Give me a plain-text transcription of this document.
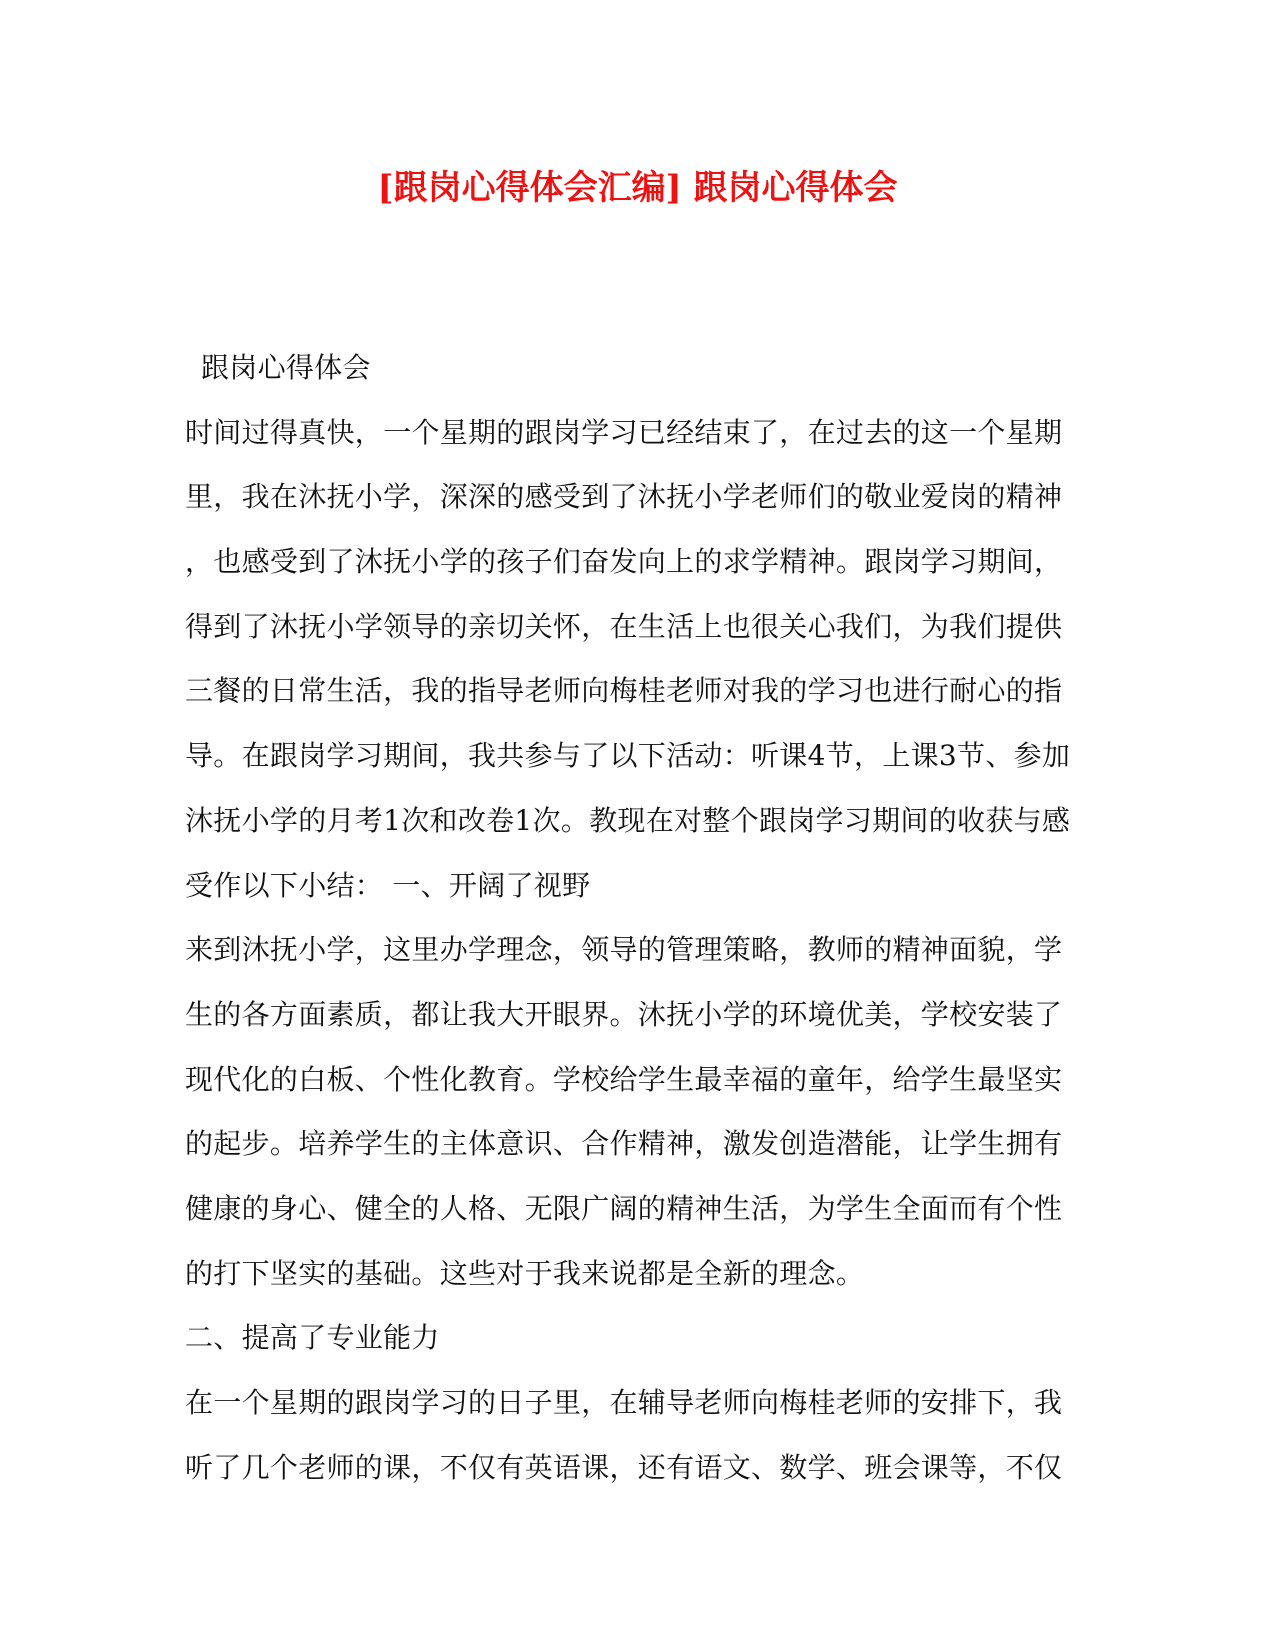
[跟岗心得体会汇编] 跟岗心得体会
跟岗心得体会
时间过得真快，一个星期的跟岗学习已经结束了，在过去的这一个星期
里，我在沐抚小学，深深的感受到了沐抚小学老师们的敬业爱岗的精神
，也感受到了沐抚小学的孩子们奋发向上的求学精神。跟岗学习期间，
得到了沐抚小学领导的亲切关怀，在生活上也很关心我们，为我们提供
三餐的日常生活，我的指导老师向梅桂老师对我的学习也进行耐心的指
导。在跟岗学习期间，我共参与了以下活动：听课4节，上课3节、参加
沐抚小学的月考1次和改卷1次。教现在对整个跟岗学习期间的收获与感
受作以下小结： 一、开阔了视野
来到沐抚小学，这里办学理念，领导的管理策略，教师的精神面貌，学
生的各方面素质，都让我大开眼界。沐抚小学的环境优美，学校安装了
现代化的白板、个性化教育。学校给学生最幸福的童年，给学生最坚实
的起步。培养学生的主体意识、合作精神，激发创造潜能，让学生拥有
健康的身心、健全的人格、无限广阔的精神生活，为学生全面而有个性
的打下坚实的基础。这些对于我来说都是全新的理念。
二、提高了专业能力
在一个星期的跟岗学习的日子里，在辅导老师向梅桂老师的安排下，我
听了几个老师的课，不仅有英语课，还有语文、数学、班会课等，不仅
